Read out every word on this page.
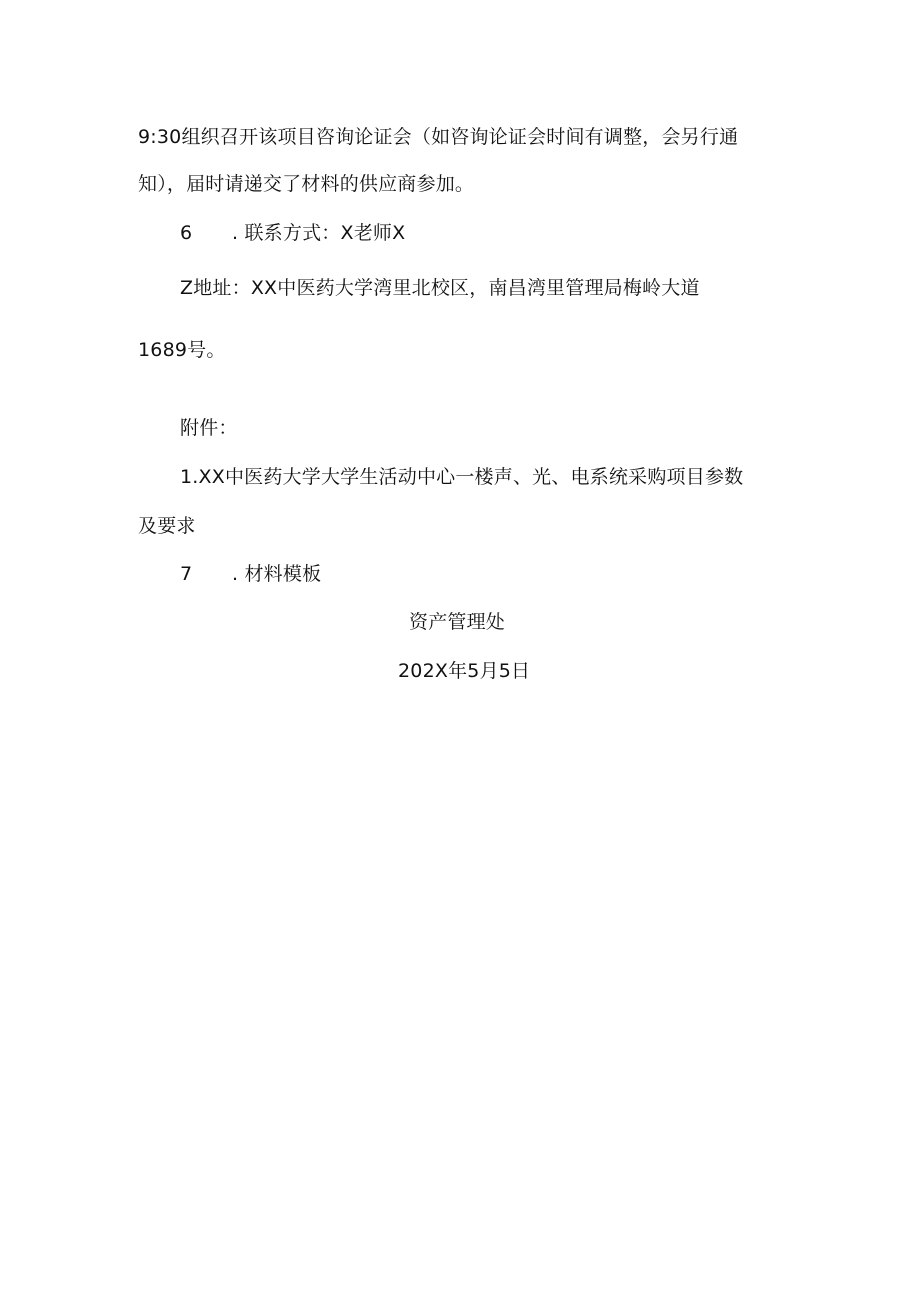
9:30组织召开该项目咨询论证会（如咨询论证会时间有调整，会另行通
知），届时请递交了材料的供应商参加。
6 . 联系方式：X老师X
Z地址：XX中医药大学湾里北校区，南昌湾里管理局梅岭大道
1689号。
附件：
1.XX中医药大学大学生活动中心一楼声、光、电系统采购项目参数
及要求
7 . 材料模板
资产管理处
202X年5月5日
